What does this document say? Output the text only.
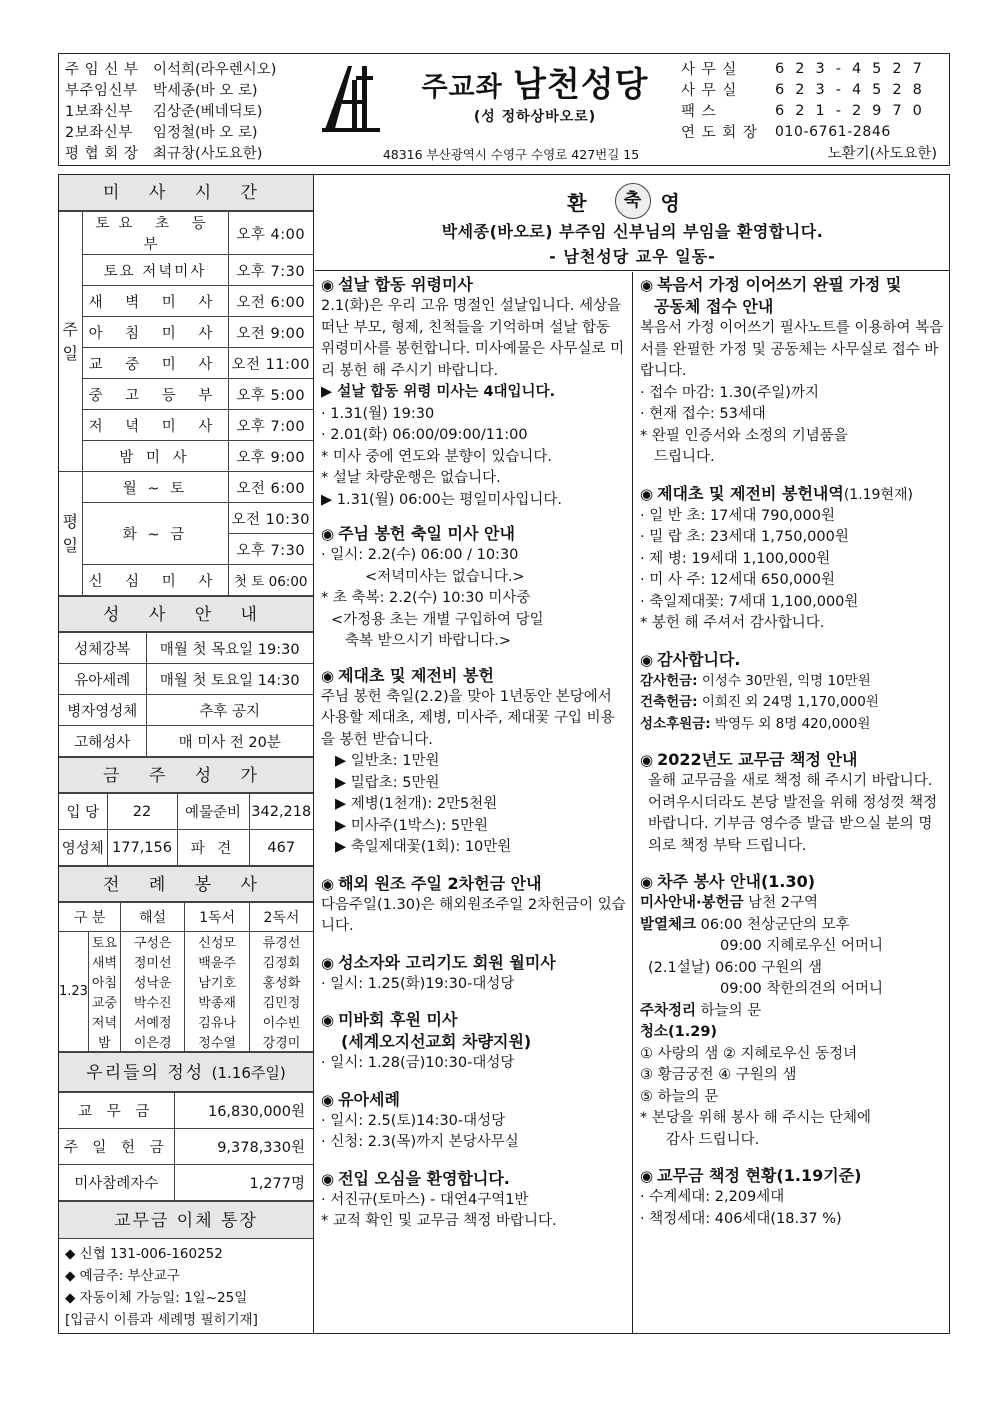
주 임 신 부	이석희(라우렌시오)
부주임신부	박세종(바 오 로)
1보좌신부	김상준(베네딕토)
2보좌신부	임정철(바 오 로)
평 협 회 장	최규창(사도요한)
주교좌 남천성당
(성 정하상바오로)
48316 부산광역시 수영구 수영로 427번길 15
사 무 실	6 2 3 - 4 5 2 7
사 무 실	6 2 3 - 4 5 2 8
팩 스	6 2 1 - 2 9 7 0
연 도 회 장	010-6761-2846
노환기(사도요한)
미 사 시 간
주
일	토요 초 등 부	오후 4:00
	토요 저녁미사	오후 7:30
	새 벽 미 사	오전 6:00
	아 침 미 사	오전 9:00
	교 중 미 사	오전 11:00
	중 고 등 부	오후 5:00
	저 녁 미 사	오후 7:00
	밤 미 사	오후 9:00
평
일	월 ~ 토	오전 6:00
	화 ~ 금	오전 10:30
		오후 7:30
	신 심 미 사	첫 토 06:00
성 사 안 내
성체강복	매월 첫 목요일 19:30
유아세례	매월 첫 토요일 14:30
병자영성체	추후 공지
고해성사	매 미사 전 20분
금 주 성 가
입 당	22	예물준비	342,218
영성체	177,156	파 견	467
전 례 봉 사
구 분		해설	1독서	2독서
1.23	토요	구성은	신성모	류경선
	새벽	정미선	백윤주	김정회
	아침	성낙운	남기호	홍성화
	교중	박수진	박종재	김민정
	저녁	서예정	김유나	이수빈
	밤	이은경	정수열	강경미
우리들의 정성 (1.16주일)
교 무 금	16,830,000원
주 일 헌 금	9,378,330원
미사참례자수	1,277명
교무금 이체 통장
◆ 신협 131-006-160252
◆ 예금주: 부산교구
◆ 자동이체 가능일: 1일~25일
[입금시 이름과 세례명 필히기재]
환	축 영
박세종(바오로) 부주임 신부님의 부임을 환영합니다.
- 남천성당 교우 일동-
◉ 설날 합동 위령미사
2.1(화)은 우리 고유 명절인 설날입니다. 세상을 떠난 부모, 형제, 친척들을 기억하며 설날 합동 위령미사를 봉헌합니다. 미사예물은 사무실로 미리 봉헌 해 주시기 바랍니다.
▶ 설날 합동 위령 미사는 4대입니다.
· 1.31(월) 19:30
· 2.01(화) 06:00/09:00/11:00
* 미사 중에 연도와 분향이 있습니다.
* 설날 차량운행은 없습니다.
▶ 1.31(월) 06:00는 평일미사입니다.
◉ 주님 봉헌 축일 미사 안내
· 일시: 2.2(수) 06:00 / 10:30
<저녁미사는 없습니다.>
* 초 축복: 2.2(수) 10:30 미사중
<가정용 초는 개별 구입하여 당일
축복 받으시기 바랍니다.>
◉ 제대초 및 제전비 봉헌
주님 봉헌 축일(2.2)을 맞아 1년동안 본당에서 사용할 제대초, 제병, 미사주, 제대꽃 구입 비용을 봉헌 받습니다.
▶ 일반초: 1만원
▶ 밀랍초: 5만원
▶ 제병(1천개): 2만5천원
▶ 미사주(1박스): 5만원
▶ 축일제대꽃(1회): 10만원
◉ 해외 원조 주일 2차헌금 안내
다음주일(1.30)은 해외원조주일 2차헌금이 있습니다.
◉ 성소자와 고리기도 회원 월미사
· 일시: 1.25(화)19:30-대성당
◉ 미바회 후원 미사
(세계오지선교회 차량지원)
· 일시: 1.28(금)10:30-대성당
◉ 유아세례
· 일시: 2.5(토)14:30-대성당
· 신청: 2.3(목)까지 본당사무실
◉ 전입 오심을 환영합니다.
· 서진규(토마스) - 대연4구역1반
* 교적 확인 및 교무금 책정 바랍니다.
◉ 복음서 가정 이어쓰기 완필 가정 및
공동체 접수 안내
복음서 가정 이어쓰기 필사노트를 이용하여 복음서를 완필한 가정 및 공동체는 사무실로 접수 바랍니다.
· 접수 마감: 1.30(주일)까지
· 현재 접수: 53세대
* 완필 인증서와 소정의 기념품을
드립니다.
◉ 제대초 및 제전비 봉헌내역(1.19현재)
· 일 반 초: 17세대 790,000원
· 밀 랍 초: 23세대 1,750,000원
· 제 병: 19세대 1,100,000원
· 미 사 주: 12세대 650,000원
· 축일제대꽃: 7세대 1,100,000원
* 봉헌 해 주셔서 감사합니다.
◉ 감사합니다.
감사헌금: 이성수 30만원, 익명 10만원
건축헌금: 이희진 외 24명 1,170,000원
성소후원금: 박영두 외 8명 420,000원
◉ 2022년도 교무금 책정 안내
올해 교무금을 새로 책정 해 주시기 바랍니다. 어려우시더라도 본당 발전을 위해 정성껏 책정 바랍니다. 기부금 영수증 발급 받으실 분의 명의로 책정 부탁 드립니다.
◉ 차주 봉사 안내(1.30)
미사안내·봉헌금 남천 2구역
발열체크 06:00 천상군단의 모후
09:00 지혜로우신 어머니
(2.1설날) 06:00 구원의 샘
09:00 착한의견의 어머니
주차정리 하늘의 문
청소(1.29)
① 사랑의 샘 ② 지혜로우신 동정녀
③ 황금궁전 ④ 구원의 샘
⑤ 하늘의 문
* 본당을 위해 봉사 해 주시는 단체에
감사 드립니다.
◉ 교무금 책정 현황(1.19기준)
· 수계세대: 2,209세대
· 책정세대: 406세대(18.37 %)
